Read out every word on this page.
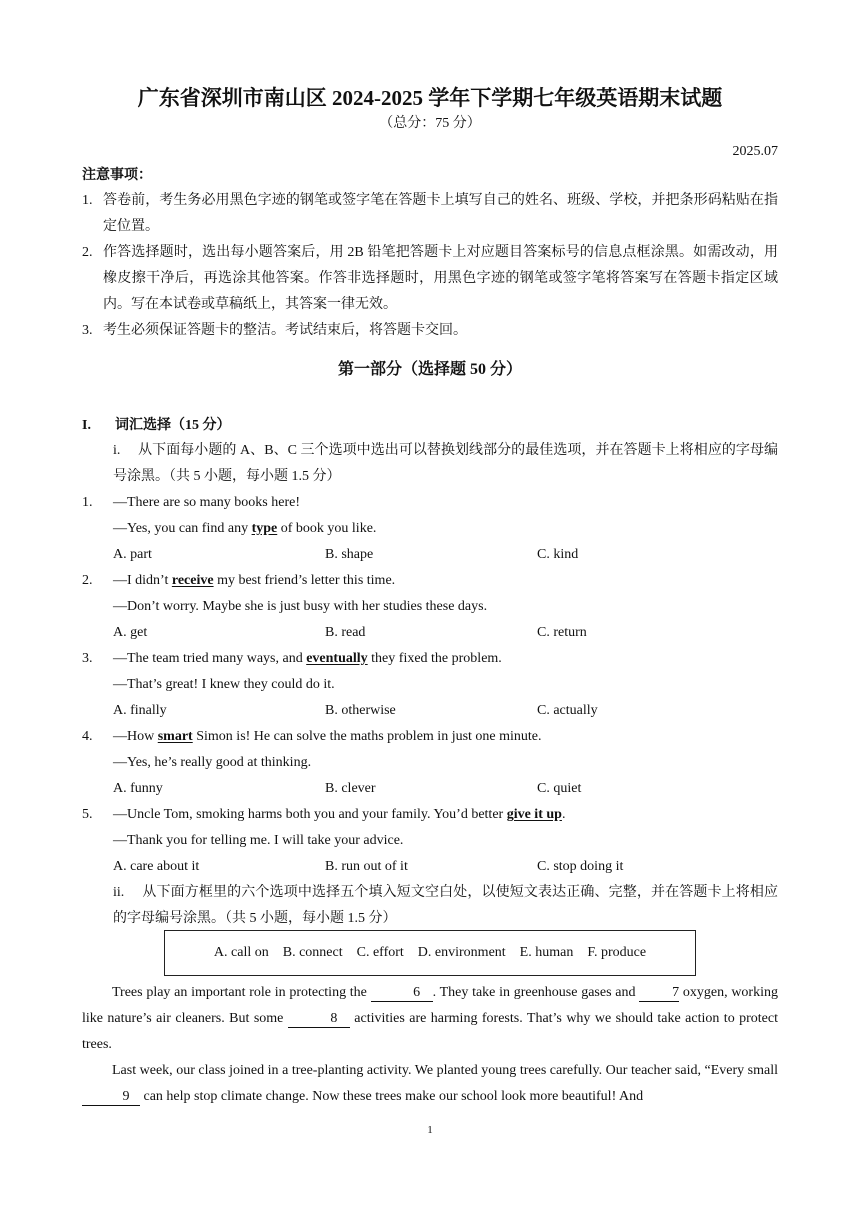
广东省深圳市南山区 2024-2025 学年下学期七年级英语期末试题
（总分：75 分）
2025.07
注意事项：
1. 答卷前，考生务必用黑色字迹的钢笔或签字笔在答题卡上填写自己的姓名、班级、学校，并把条形码粘贴在指定位置。
2. 作答选择题时，选出每小题答案后，用 2B 铅笔把答题卡上对应题目答案标号的信息点框涂黑。如需改动，用橡皮擦干净后，再选涂其他答案。作答非选择题时，用黑色字迹的钢笔或签字笔将答案写在答题卡指定区域内。写在本试卷或草稿纸上，其答案一律无效。
3. 考生必须保证答题卡的整洁。考试结束后，将答题卡交回。
第一部分（选择题 50 分）
I. 词汇选择（15 分）
i. 从下面每小题的 A、B、C 三个选项中选出可以替换划线部分的最佳选项，并在答题卡上将相应的字母编号涂黑。（共 5 小题，每小题 1.5 分）
1. —There are so many books here!
—Yes, you can find any type of book you like.
A. part	B. shape	C. kind
2. —I didn’t receive my best friend’s letter this time.
—Don’t worry. Maybe she is just busy with her studies these days.
A. get	B. read	C. return
3. —The team tried many ways, and eventually they fixed the problem.
—That’s great! I knew they could do it.
A. finally	B. otherwise	C. actually
4. —How smart Simon is! He can solve the maths problem in just one minute.
—Yes, he’s really good at thinking.
A. funny	B. clever	C. quiet
5. —Uncle Tom, smoking harms both you and your family. You’d better give it up.
—Thank you for telling me. I will take your advice.
A. care about it	B. run out of it	C. stop doing it
ii. 从下面方框里的六个选项中选择五个填入短文空白处，以使短文表达正确、完整，并在答题卡上将相应的字母编号涂黑。（共 5 小题，每小题 1.5 分）
A. call on B. connect C. effort D. environment E. human F. produce
Trees play an important role in protecting the	6 . They take in greenhouse gases and 7 oxygen, working like nature’s air cleaners. But some	8 activities are harming forests. That’s why we should take action to protect trees.
Last week, our class joined in a tree-planting activity. We planted young trees carefully. Our teacher said, “Every small 9 can help stop climate change. Now these trees make our school look more beautiful! And
1
